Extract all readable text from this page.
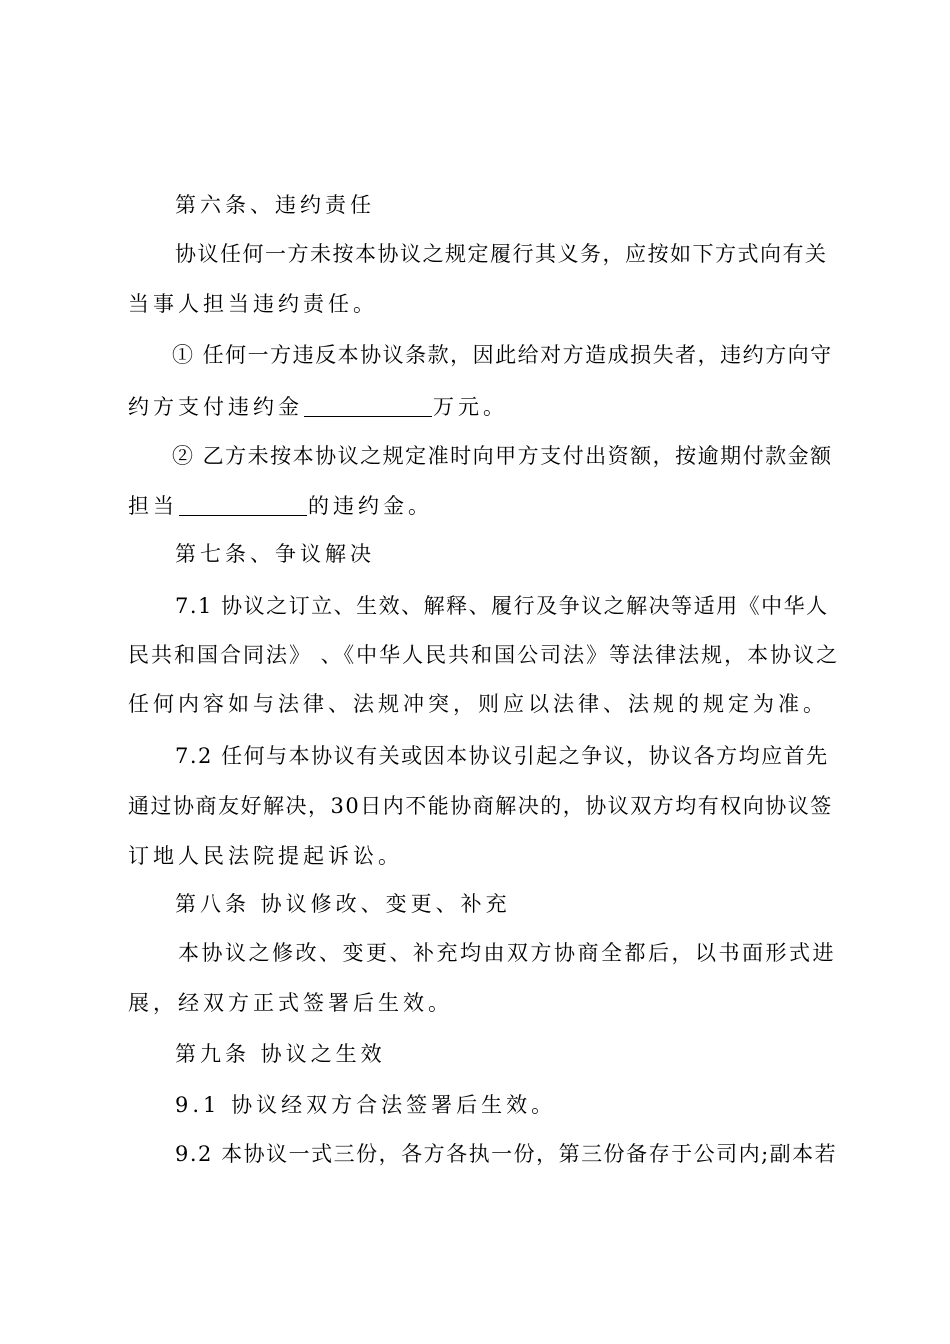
第六条、违约责任
协议任何一方未按本协议之规定履行其义务，应按如下方式向有关
当事人担当违约责任。
① 任何一方违反本协议条款，因此给对方造成损失者，违约方向守
约方支付违约金	万元。
② 乙方未按本协议之规定准时向甲方支付出资额，按逾期付款金额
担当	的违约金。
第七条、争议解决
7.1 协议之订立、生效、解释、履行及争议之解决等适用《中华人
民共和国合同法》 、《中华人民共和国公司法》等法律法规，本协议之
任何内容如与法律、法规冲突，则应以法律、法规的规定为准。
7.2 任何与本协议有关或因本协议引起之争议，协议各方均应首先
通过协商友好解决，30日内不能协商解决的，协议双方均有权向协议签
订地人民法院提起诉讼。
第八条 协议修改、变更、补充
本协议之修改、变更、补充均由双方协商全都后，以书面形式进
展，经双方正式签署后生效。
第九条 协议之生效
9.1 协议经双方合法签署后生效。
9.2 本协议一式三份，各方各执一份，第三份备存于公司内;副本若
